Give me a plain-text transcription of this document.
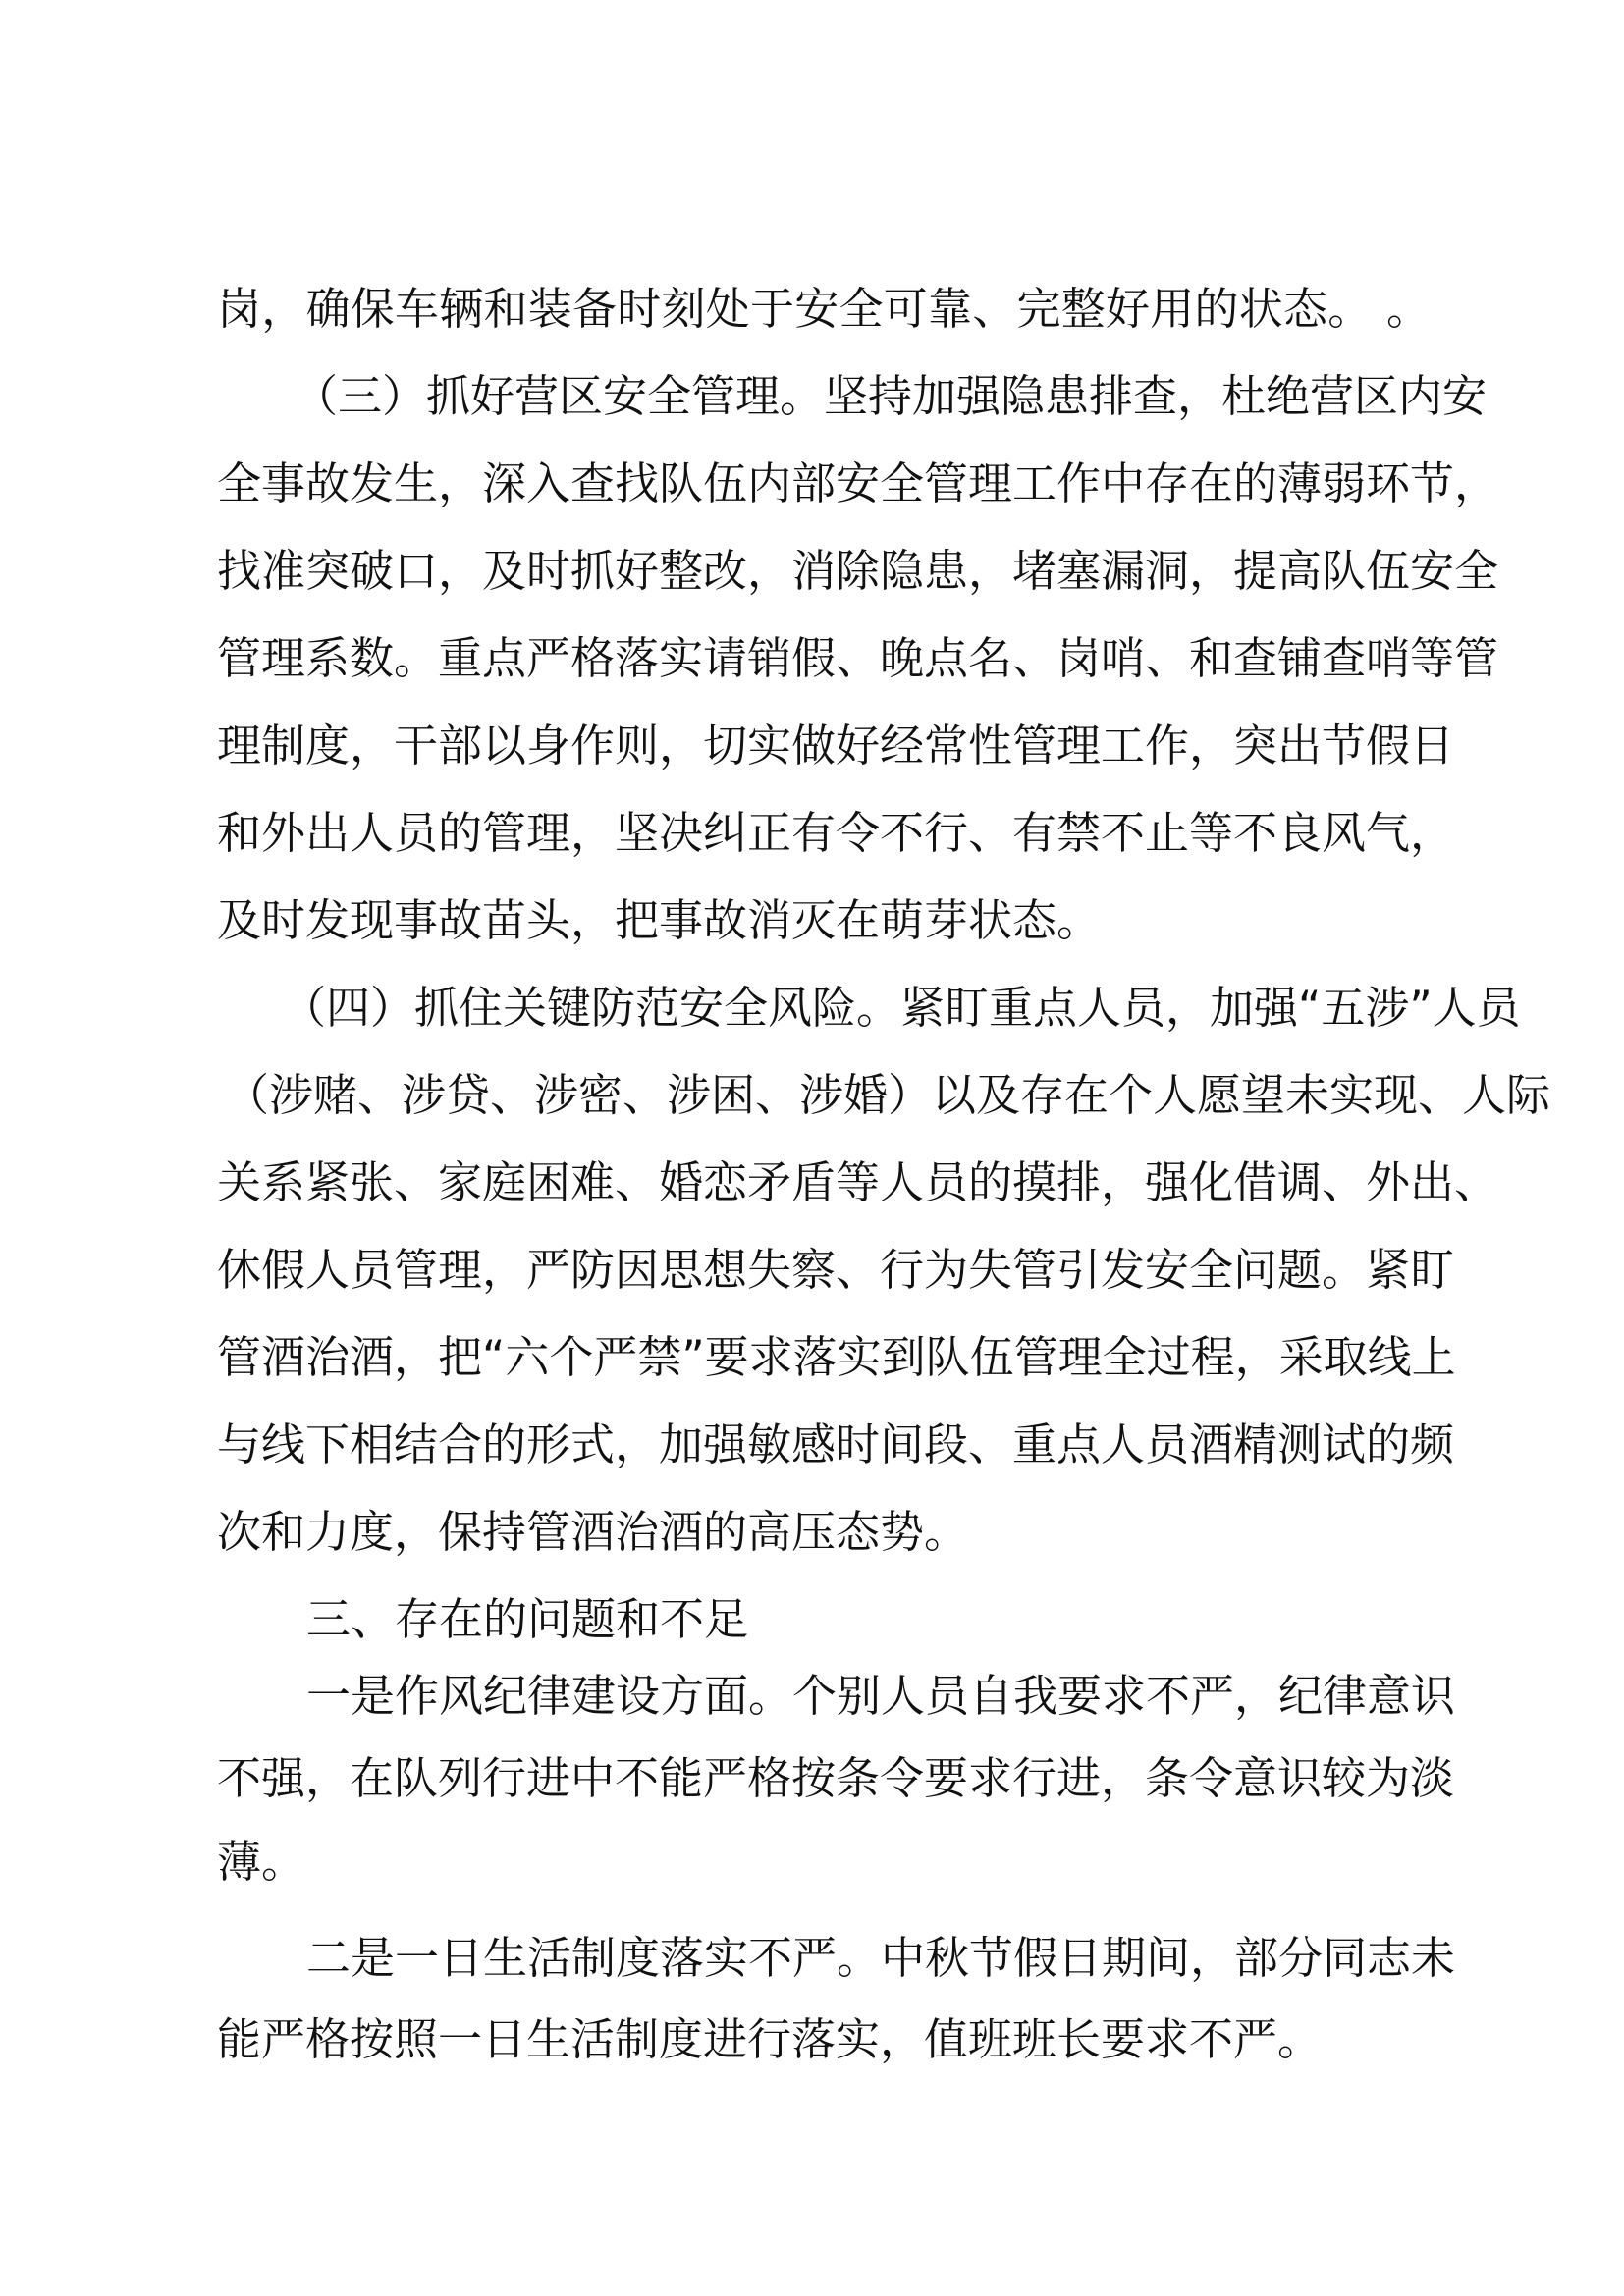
岗，确保车辆和装备时刻处于安全可靠、完整好用的状态。 。
（三）抓好营区安全管理。坚持加强隐患排查，杜绝营区内安
全事故发生，深入查找队伍内部安全管理工作中存在的薄弱环节，
找准突破口，及时抓好整改，消除隐患，堵塞漏洞，提高队伍安全
管理系数。重点严格落实请销假、晚点名、岗哨、和查铺查哨等管
理制度，干部以身作则，切实做好经常性管理工作，突出节假日
和外出人员的管理，坚决纠正有令不行、有禁不止等不良风气，
及时发现事故苗头，把事故消灭在萌芽状态。
（四）抓住关键防范安全风险。紧盯重点人员，加强“五涉”人员
（涉赌、涉贷、涉密、涉困、涉婚）以及存在个人愿望未实现、人际
关系紧张、家庭困难、婚恋矛盾等人员的摸排，强化借调、外出、
休假人员管理，严防因思想失察、行为失管引发安全问题。紧盯
管酒治酒，把“六个严禁”要求落实到队伍管理全过程，采取线上
与线下相结合的形式，加强敏感时间段、重点人员酒精测试的频
次和力度，保持管酒治酒的高压态势。
三、存在的问题和不足
一是作风纪律建设方面。个别人员自我要求不严，纪律意识
不强，在队列行进中不能严格按条令要求行进，条令意识较为淡
薄。
二是一日生活制度落实不严。中秋节假日期间，部分同志未
能严格按照一日生活制度进行落实，值班班长要求不严。
